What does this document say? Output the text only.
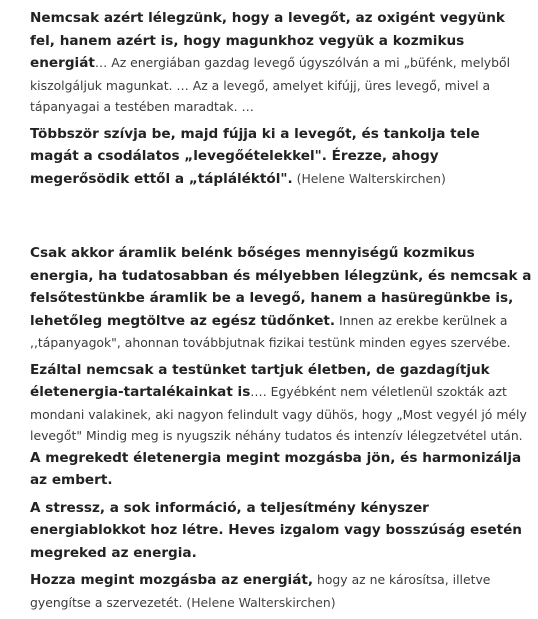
Nemcsak azért lélegzünk, hogy a levegőt, az oxigént vegyünk fel, hanem azért is, hogy magunkhoz vegyük a kozmikus energiát… Az energiában gazdag levegő úgyszólván a mi „büfénk, melyből kiszolgáljuk magunkat. … Az a levegő, amelyet kifújj, üres levegő, mivel a tápanyagai a testében maradtak. …

Többször szívja be, majd fújja ki a levegőt, és tankolja tele magát a csodálatos „levegőételekkel". Érezze, ahogy megerősödik ettől a „tápláléktól". (Helene Walterskirchen)

Csak akkor áramlik belénk bőséges mennyiségű kozmikus energia, ha tudatosabban és mélyebben lélegzünk, és nemcsak a felsőtestünkbe áramlik be a levegő, hanem a hasüregünkbe is, lehetőleg megtöltve az egész tüdőnket. Innen az erekbe kerülnek a ,,tápanyagok", ahonnan továbbjutnak fizikai testünk minden egyes szervébe.

Ezáltal nemcsak a testünket tartjuk életben, de gazdagítjuk életenergia-tartalékainkat is…. Egyébként nem véletlenül szokták azt mondani valakinek, aki nagyon felindult vagy dühös, hogy „Most vegyél jó mély levegőt" Mindig meg is nyugszik néhány tudatos és intenzív lélegzetvétel után. A megrekedt életenergia megint mozgásba jön, és harmonizálja az embert.

A stressz, a sok információ, a teljesítmény kényszer energiablokkot hoz létre. Heves izgalom vagy bosszúság esetén megreked az energia.

Hozza megint mozgásba az energiát, hogy az ne károsítsa, illetve gyengítse a szervezetét. (Helene Walterskirchen)
